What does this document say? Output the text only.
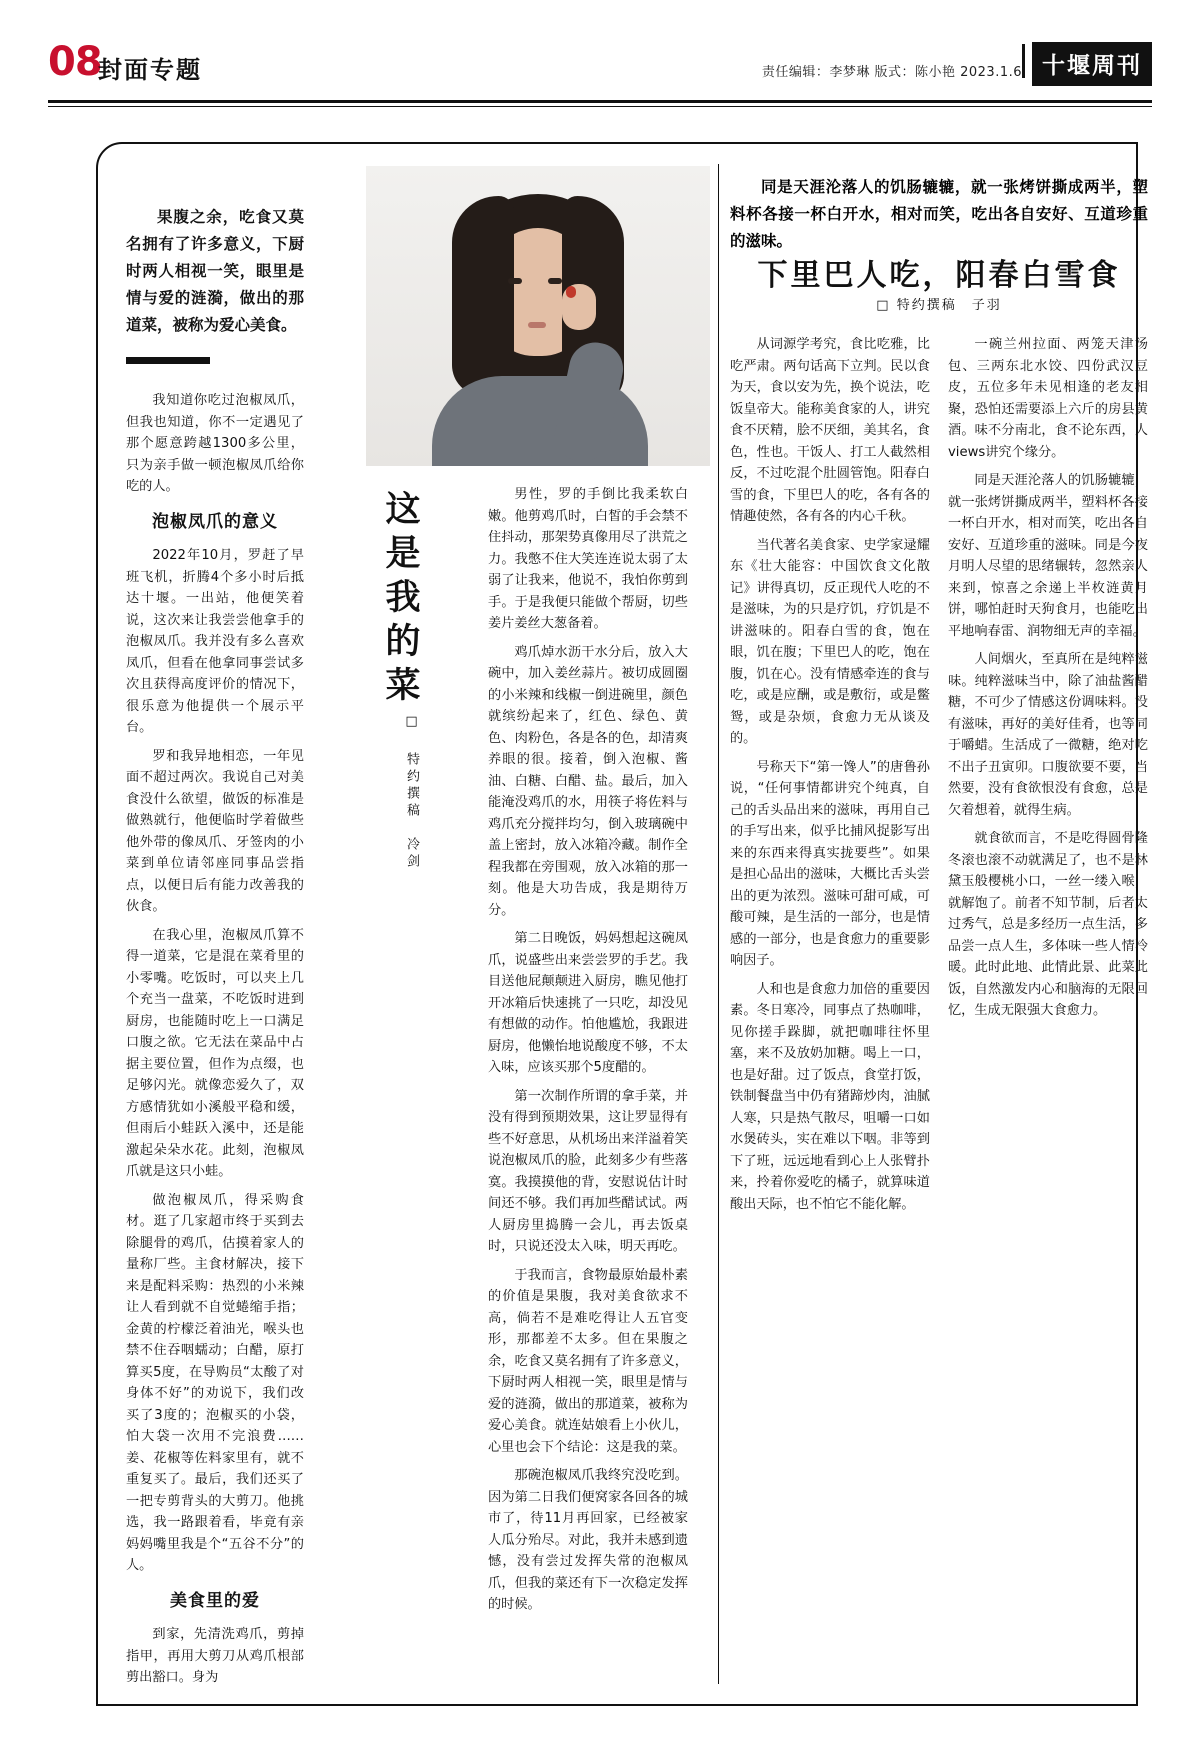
08
封面专题	责任编辑：李梦琳 版式：陈小艳 2023.1.6 十堰周刊

果腹之余，吃食又莫名拥有了许多意义，下厨时两人相视一笑，眼里是情与爱的涟漪，做出的那道菜，被称为爱心美食。

我知道你吃过泡椒凤爪，但我也知道，你不一定遇见了那个愿意跨越1300多公里，只为亲手做一顿泡椒凤爪给你吃的人。

泡椒凤爪的意义

2022年10月，罗赶了早班飞机，折腾4个多小时后抵达十堰。一出站，他便笑着说，这次来让我尝尝他拿手的泡椒凤爪。我并没有多么喜欢凤爪，但看在他拿同事尝试多次且获得高度评价的情况下，很乐意为他提供一个展示平台。

罗和我异地相恋，一年见面不超过两次。我说自己对美食没什么欲望，做饭的标准是做熟就行，他便临时学着做些他外带的像凤爪、牙签肉的小菜到单位请邻座同事品尝指点，以便日后有能力改善我的伙食。

在我心里，泡椒凤爪算不得一道菜，它是混在菜肴里的小零嘴。吃饭时，可以夹上几个充当一盘菜，不吃饭时进到厨房，也能随时吃上一口满足口腹之欲。它无法在菜品中占据主要位置，但作为点缀，也足够闪光。就像恋爱久了，双方感情犹如小溪般平稳和缓，但雨后小蛙跃入溪中，还是能激起朵朵水花。此刻，泡椒凤爪就是这只小蛙。

做泡椒凤爪，得采购食材。逛了几家超市终于买到去除腿骨的鸡爪，估摸着家人的量称厂些。主食材解决，接下来是配料采购：热烈的小米辣让人看到就不自觉蜷缩手指；金黄的柠檬泛着油光，喉头也禁不住吞咽蠕动；白醋，原打算买5度，在导购员“太酸了对身体不好”的劝说下，我们改买了3度的；泡椒买的小袋，怕大袋一次用不完浪费……姜、花椒等佐料家里有，就不重复买了。最后，我们还买了一把专剪背头的大剪刀。他挑选，我一路跟着看，毕竟有亲妈妈嘴里我是个“五谷不分”的人。

美食里的爱

到家，先清洗鸡爪，剪掉指甲，再用大剪刀从鸡爪根部剪出豁口。身为

这是我的菜
□ 特约撰稿　冷剑

男性，罗的手倒比我柔软白嫩。他剪鸡爪时，白皙的手会禁不住抖动，那架势真像用尽了洪荒之力。我憋不住大笑连连说太弱了太弱了让我来，他说不，我怕你剪到手。于是我便只能做个帮厨，切些姜片姜丝大葱备着。

鸡爪焯水沥干水分后，放入大碗中，加入姜丝蒜片。被切成圆圈的小米辣和线椒一倒进碗里，颜色就缤纷起来了，红色、绿色、黄色、肉粉色，各是各的色，却清爽养眼的很。接着，倒入泡椒、酱油、白糖、白醋、盐。最后，加入能淹没鸡爪的水，用筷子将佐料与鸡爪充分搅拌均匀，倒入玻璃碗中盖上密封，放入冰箱冷藏。制作全程我都在旁围观，放入冰箱的那一刻。他是大功告成，我是期待万分。

第二日晚饭，妈妈想起这碗凤爪，说盛些出来尝尝罗的手艺。我目送他屁颠颠进入厨房，瞧见他打开冰箱后快速挑了一只吃，却没见有想做的动作。怕他尴尬，我跟进厨房，他懒怡地说酸度不够，不太入味，应该买那个5度醋的。

第一次制作所谓的拿手菜，并没有得到预期效果，这让罗显得有些不好意思，从机场出来洋溢着笑说泡椒凤爪的脸，此刻多少有些落寞。我摸摸他的背，安慰说估计时间还不够。我们再加些醋试试。两人厨房里捣腾一会儿，再去饭桌时，只说还没太入味，明天再吃。

于我而言，食物最原始最朴素的价值是果腹，我对美食欲求不高，倘若不是难吃得让人五官变形，那都差不太多。但在果腹之余，吃食又莫名拥有了许多意义，下厨时两人相视一笑，眼里是情与爱的涟漪，做出的那道菜，被称为爱心美食。就连姑娘看上小伙儿，心里也会下个结论：这是我的菜。

那碗泡椒凤爪我终究没吃到。因为第二日我们便窝家各回各的城市了，待11月再回家，已经被家人瓜分殆尽。对此，我并未感到遗憾，没有尝过发挥失常的泡椒凤爪，但我的菜还有下一次稳定发挥的时候。

同是天涯沦落人的饥肠辘辘，就一张烤饼撕成两半，塑料杯各接一杯白开水，相对而笑，吃出各自安好、互道珍重的滋味。

下里巴人吃，阳春白雪食
□ 特约撰稿　子羽

从词源学考究，食比吃雅，比吃严肃。两句话高下立判。民以食为天，食以安为先，换个说法，吃饭皇帝大。能称美食家的人，讲究食不厌精，脍不厌细，美其名，食色，性也。干饭人、打工人截然相反，不过吃混个肚圆管饱。阳春白雪的食，下里巴人的吃，各有各的情趣使然，各有各的内心千秋。

当代著名美食家、史学家逯耀东《壮大能容：中国饮食文化散记》讲得真切，反正现代人吃的不是滋味，为的只是疗饥，疗饥是不讲滋味的。阳春白雪的食，饱在眼，饥在腹；下里巴人的吃，饱在腹，饥在心。没有情感牵连的食与吃，或是应酬，或是敷衍，或是鳖鸳，或是杂烦，食愈力无从谈及的。

号称天下“第一馋人”的唐鲁孙说，“任何事情都讲究个纯真，自己的舌头品出来的滋味，再用自己的手写出来，似乎比捕风捉影写出来的东西来得真实拢要些”。如果是担心品出的滋味，大概比舌头尝出的更为浓烈。滋味可甜可咸，可酸可辣，是生活的一部分，也是情感的一部分，也是食愈力的重要影响因子。

人和也是食愈力加倍的重要因素。冬日寒冷，同事点了热咖啡，见你搓手跺脚，就把咖啡往怀里塞，来不及放奶加糖。喝上一口，也是好甜。过了饭点，食堂打饭，铁制餐盘当中仍有猪蹄炒肉，油腻人寒，只是热气散尽，咀嚼一口如水煲砖头，实在难以下咽。非等到下了班，远远地看到心上人张臂扑来，拎着你爱吃的橘子，就算味道酸出天际，也不怕它不能化解。

一碗兰州拉面、两笼天津汤包、三两东北水饺、四份武汉豆皮，五位多年未见相逢的老友相聚，恐怕还需要添上六斤的房县黄酒。味不分南北，食不论东西，人views讲究个缘分。

同是天涯沦落人的饥肠辘辘，就一张烤饼撕成两半，塑料杯各接一杯白开水，相对而笑，吃出各自安好、互道珍重的滋味。同是今夜月明人尽望的思绪辗转，忽然亲人来到，惊喜之余递上半枚涟黄月饼，哪怕赶时天狗食月，也能吃出平地响春雷、润物细无声的幸福。

人间烟火，至真所在是纯粹滋味。纯粹滋味当中，除了油盐酱醋糖，不可少了情感这份调味料。没有滋味，再好的美好佳肴，也等同于嚼蜡。生活成了一微糖，绝对吃不出子丑寅卯。口腹欲要不要，当然要，没有食欲恨没有食愈，总是欠着想着，就得生病。

就食欲而言，不是吃得圆骨隆冬滚也滚不动就满足了，也不是林黛玉般樱桃小口，一丝一缕入喉，就解饱了。前者不知节制，后者太过秀气，总是多经历一点生活，多品尝一点人生，多体味一些人情冷暖。此时此地、此情此景、此菜此饭，自然激发内心和脑海的无限回忆，生成无限强大食愈力。
